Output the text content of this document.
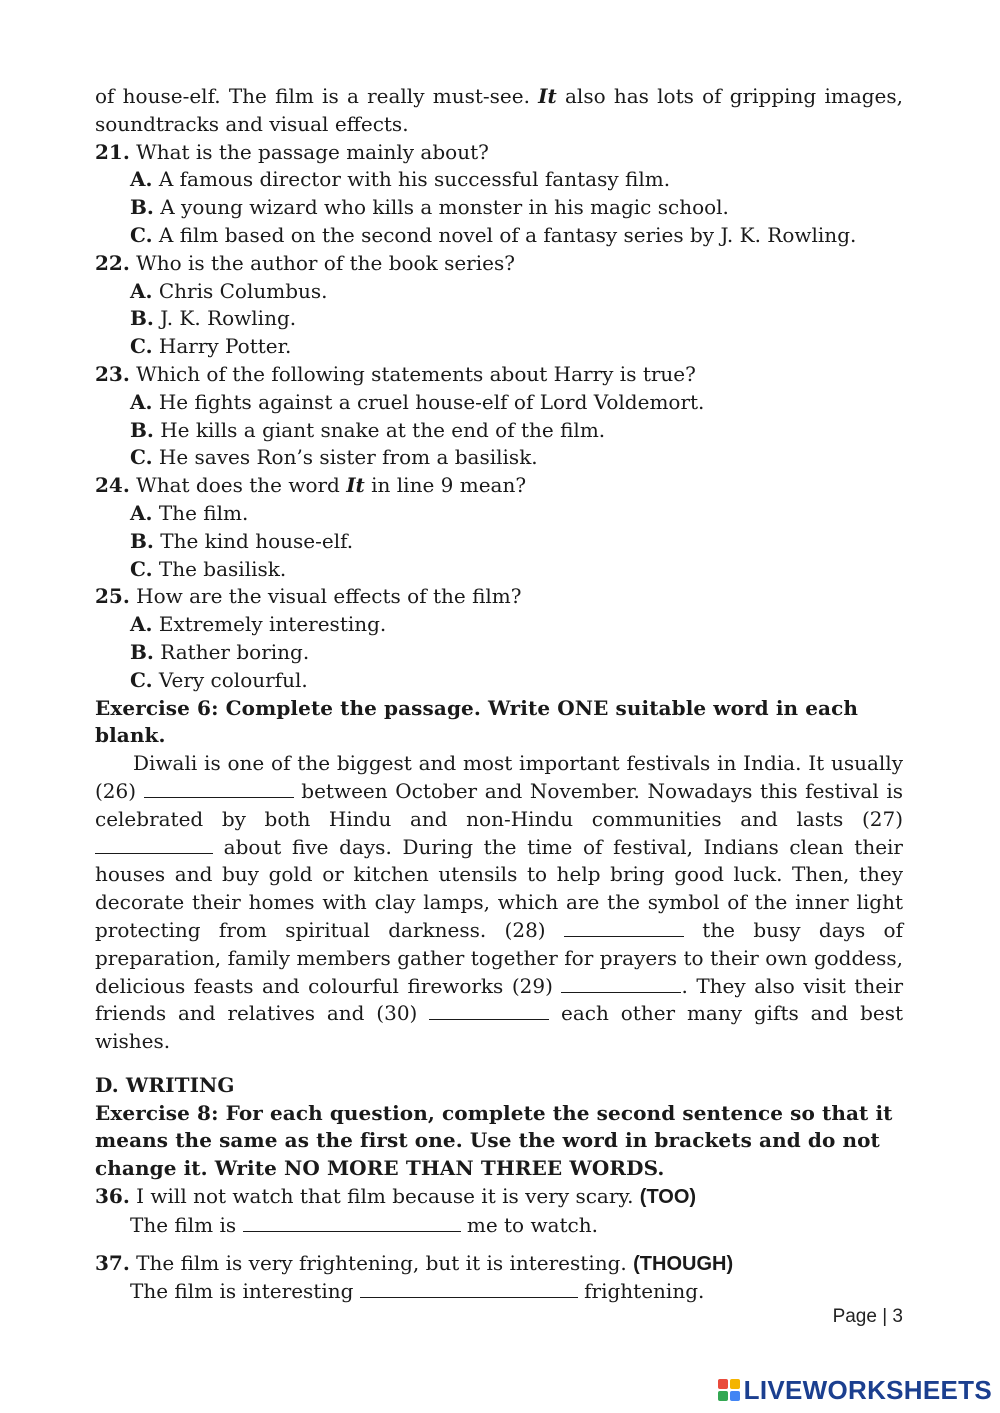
of house-elf. The film is a really must-see. It also has lots of gripping images, soundtracks and visual effects.

21. What is the passage mainly about?

A. A famous director with his successful fantasy film.

B. A young wizard who kills a monster in his magic school.

C. A film based on the second novel of a fantasy series by J. K. Rowling.

22. Who is the author of the book series?

A. Chris Columbus.

B. J. K. Rowling.

C. Harry Potter.

23. Which of the following statements about Harry is true?

A. He fights against a cruel house-elf of Lord Voldemort.

B. He kills a giant snake at the end of the film.

C. He saves Ron’s sister from a basilisk.

24. What does the word It in line 9 mean?

A. The film.

B. The kind house-elf.

C. The basilisk.

25. How are the visual effects of the film?

A. Extremely interesting.

B. Rather boring.

C. Very colourful.

Exercise 6: Complete the passage. Write ONE suitable word in each blank.

Diwali is one of the biggest and most important festivals in India. It usually (26)	between October and November. Nowadays this festival is celebrated by both Hindu and non-Hindu communities and lasts (27)  about five days. During the time of festival, Indians clean their houses and buy gold or kitchen utensils to help bring good luck. Then, they decorate their homes with clay lamps, which are the symbol of the inner light protecting from spiritual darkness. (28)	the busy days of preparation, family members gather together for prayers to their own goddess, delicious feasts and colourful fireworks (29)	. They also visit their friends and relatives and (30)	each other many gifts and best wishes.

D. WRITING

Exercise 8: For each question, complete the second sentence so that it means the same as the first one. Use the word in brackets and do not change it. Write NO MORE THAN THREE WORDS.

36. I will not watch that film because it is very scary. (TOO)

The film is	me to watch.

37. The film is very frightening, but it is interesting. (THOUGH)

The film is interesting	frightening.

Page | 3
LIVEWORKSHEETS
